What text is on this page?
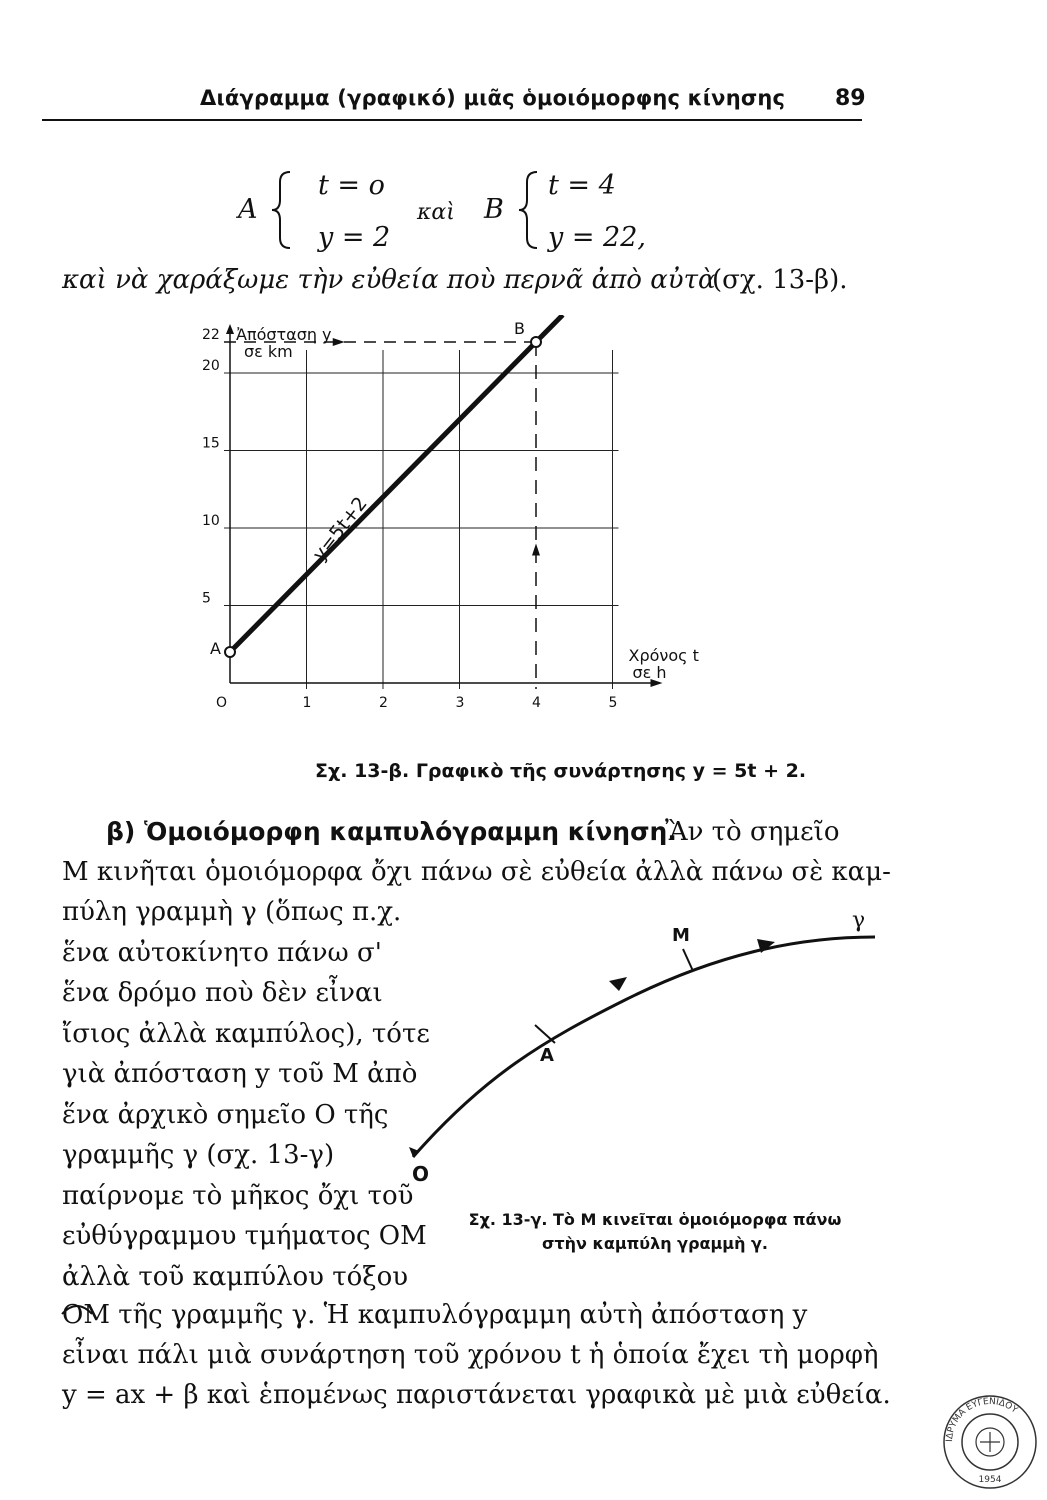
Διάγραμμα (γραφικό) μιᾶς ὁμοιόμορφης κίνησης 89
A
t = o
y = 2
καὶ B
t = 4
y = 22,
καὶ νὰ χαράξωμε τὴν εὐθεία ποὺ περνᾶ ἀπὸ αὐτὰ
(σχ. 13-β).
O	1	2	3	4	5
5
10
15
20
22
y=5t+2
A
B
Ἀπόσταση y
σε km
Χρόνος t
σε h
Σχ. 13-β. Γραφικὸ τῆς συνάρτησης y = 5t + 2.
β) Ὁμοιόμορφη καμπυλόγραμμη κίνηση.
Ἂν τὸ σημεῖο
M κινῆται ὁμοιόμορφα ὄχι πάνω σὲ εὐθεία ἀλλὰ πάνω σὲ καμ-
πύλη γραμμὴ γ (ὅπως π.χ.
ἕνα αὐτοκίνητο πάνω σ'
ἕνα δρόμο ποὺ δὲν εἶναι
ἴσιος ἀλλὰ καμπύλος), τότε
γιὰ ἀπόσταση y τοῦ M ἀπὸ
ἕνα ἀρχικὸ σημεῖο O τῆς
γραμμῆς γ (σχ. 13-γ)
παίρνομε τὸ μῆκος ὄχι τοῦ
εὐθύγραμμου τμήματος OM
ἀλλὰ τοῦ καμπύλου τόξου
OM τῆς γραμμῆς γ. Ἡ καμπυλόγραμμη αὐτὴ ἀπόσταση y
εἶναι πάλι μιὰ συνάρτηση τοῦ χρόνου t ἡ ὁποία ἔχει τὴ μορφὴ
y = ax + β καὶ ἑπομένως παριστάνεται γραφικὰ μὲ μιὰ εὐθεία.
O
A
M
γ
Σχ. 13-γ. Τὸ M κινεῖται ὁμοιόμορφα πάνω
στὴν καμπύλη γραμμὴ γ.
ΙΔΡΥΜΑ ΕΥΓΕΝΙΔΟΥ
1954
